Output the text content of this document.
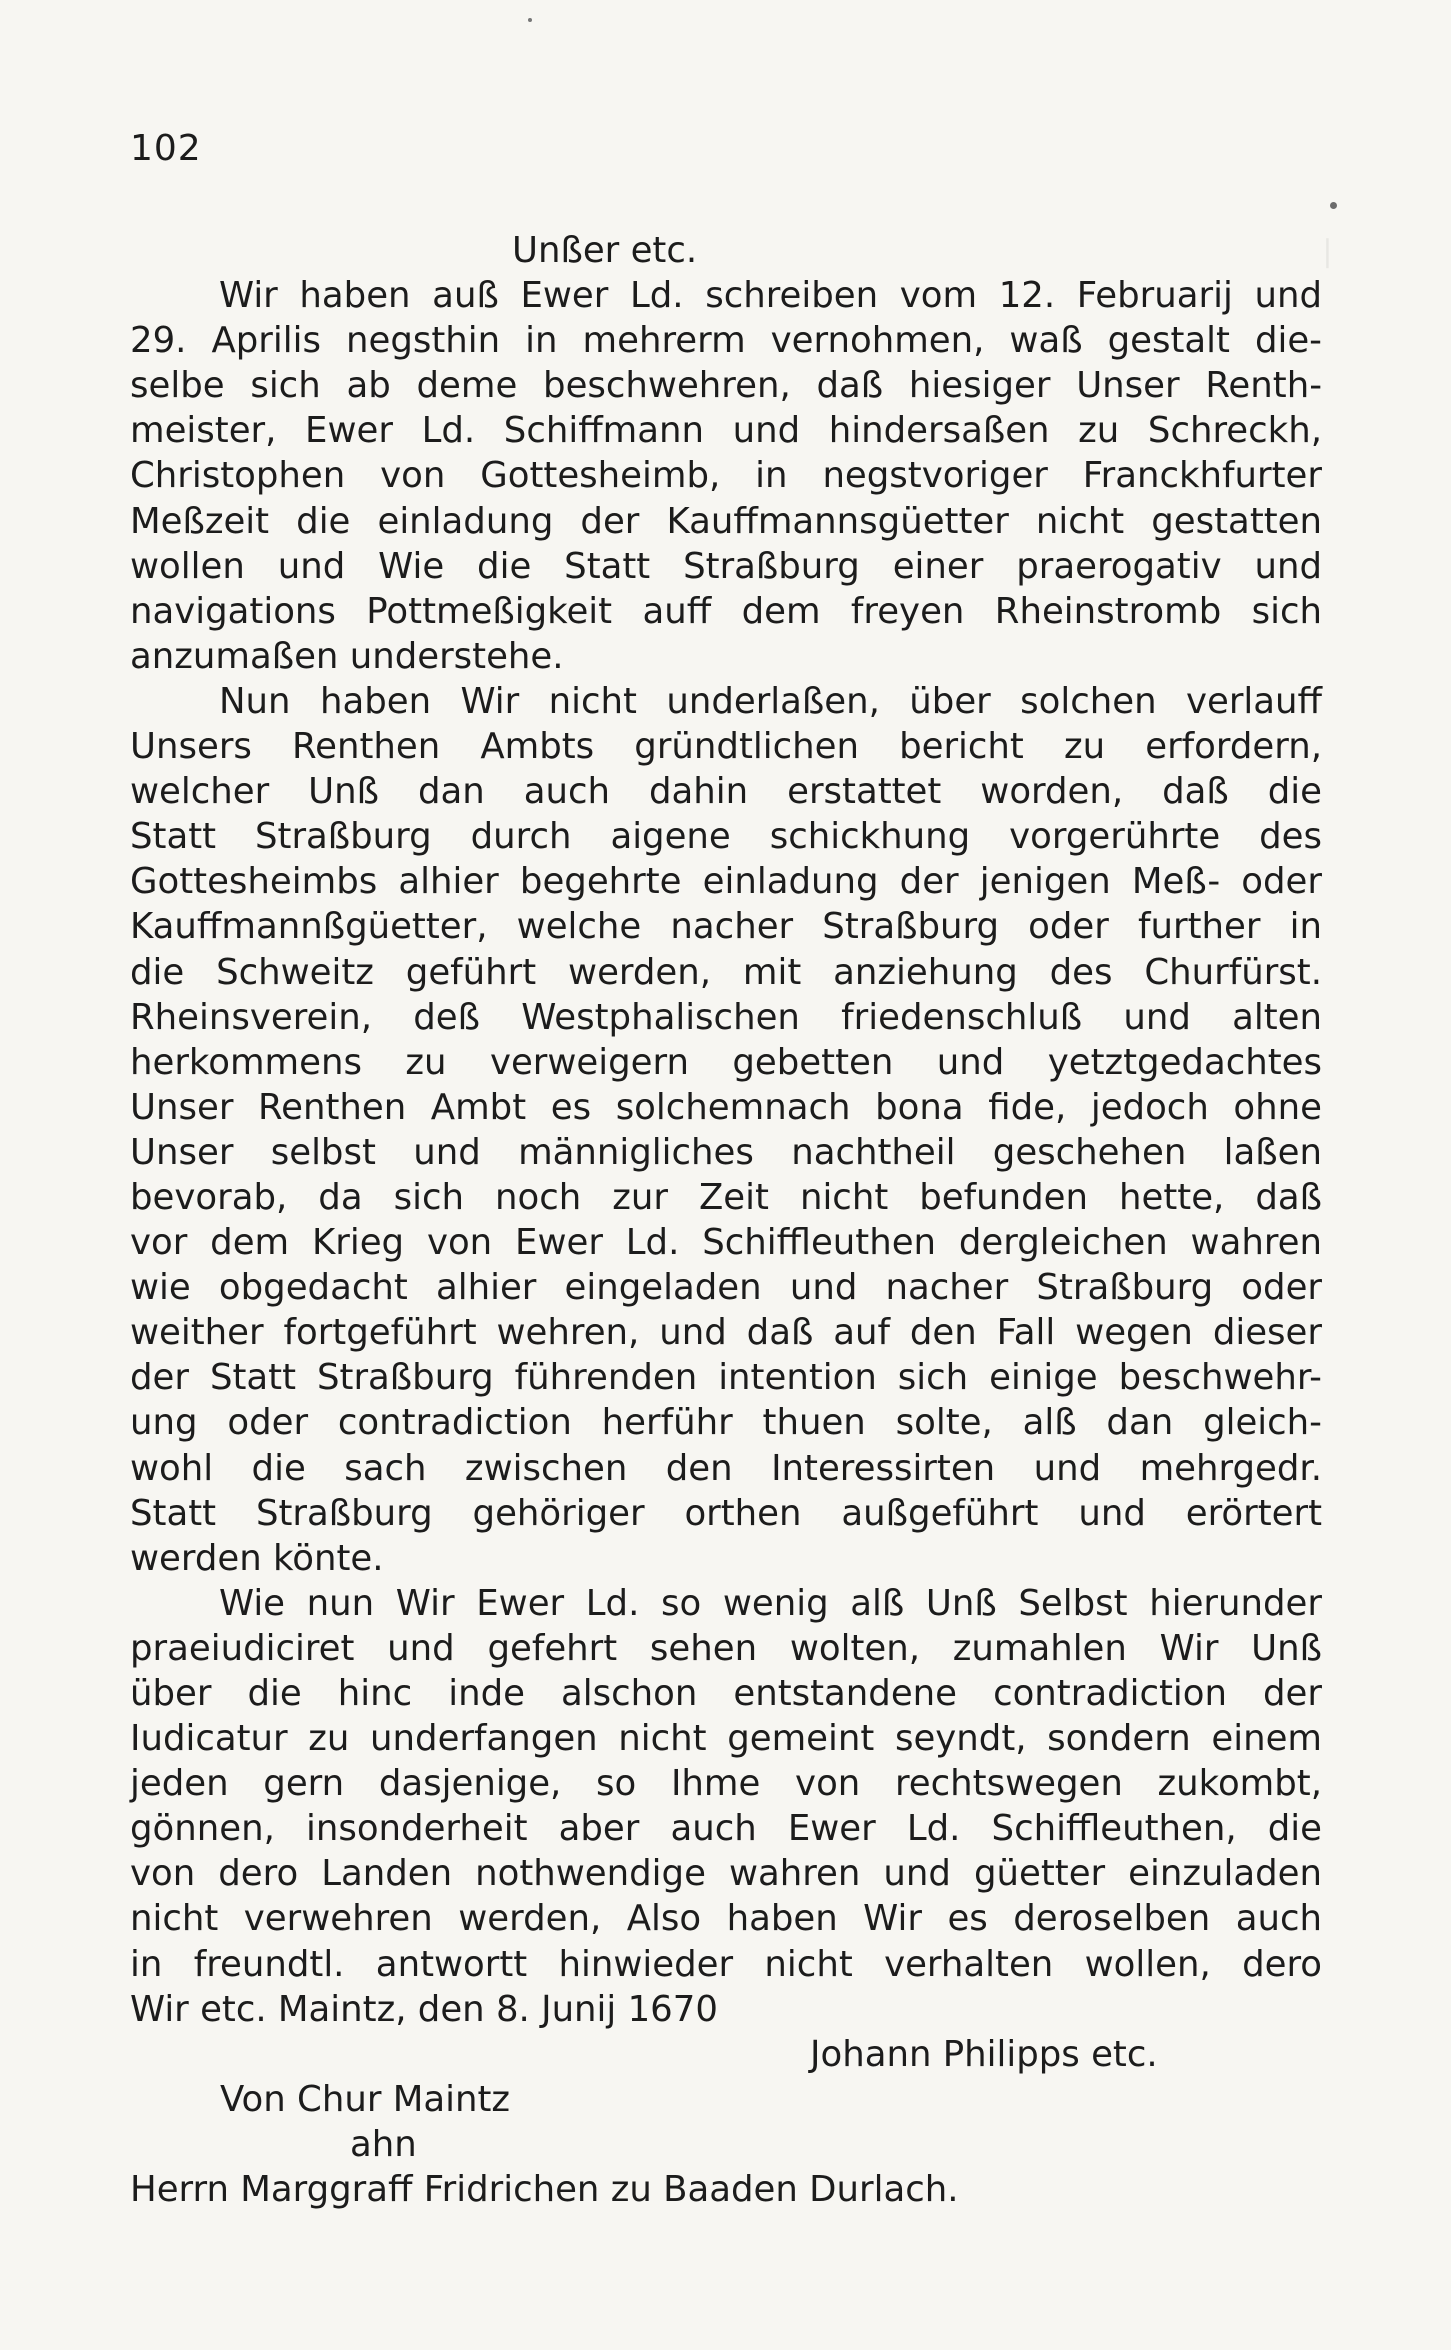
❘
102
Unßer etc.
Wir haben auß Ewer Ld. schreiben vom 12. Februarij und
29. Aprilis negsthin in mehrerm vernohmen, waß gestalt die-
selbe sich ab deme beschwehren, daß hiesiger Unser Renth-
meister, Ewer Ld. Schiffmann und hindersaßen zu Schreckh,
Christophen von Gottesheimb, in negstvoriger Franckhfurter
Meßzeit die einladung der Kauffmannsgüetter nicht gestatten
wollen und Wie die Statt Straßburg einer praerogativ und
navigations Pottmeßigkeit auff dem freyen Rheinstromb sich
anzumaßen understehe.
Nun haben Wir nicht underlaßen, über solchen verlauff
Unsers Renthen Ambts gründtlichen bericht zu erfordern,
welcher Unß dan auch dahin erstattet worden, daß die
Statt Straßburg durch aigene schickhung vorgerührte des
Gottesheimbs alhier begehrte einladung der jenigen Meß- oder
Kauffmannßgüetter, welche nacher Straßburg oder further in
die Schweitz geführt werden, mit anziehung des Churfürst.
Rheinsverein, deß Westphalischen friedenschluß und alten
herkommens zu verweigern gebetten und yetztgedachtes
Unser Renthen Ambt es solchemnach bona fide, jedoch ohne
Unser selbst und männigliches nachtheil geschehen laßen
bevorab, da sich noch zur Zeit nicht befunden hette, daß
vor dem Krieg von Ewer Ld. Schiffleuthen dergleichen wahren
wie obgedacht alhier eingeladen und nacher Straßburg oder
weither fortgeführt wehren, und daß auf den Fall wegen dieser
der Statt Straßburg führenden intention sich einige beschwehr-
ung oder contradiction herführ thuen solte, alß dan gleich-
wohl die sach zwischen den Interessirten und mehrgedr.
Statt Straßburg gehöriger orthen außgeführt und erörtert
werden könte.
Wie nun Wir Ewer Ld. so wenig alß Unß Selbst hierunder
praeiudiciret und gefehrt sehen wolten, zumahlen Wir Unß
über die hinc inde alschon entstandene contradiction der
Iudicatur zu underfangen nicht gemeint seyndt, sondern einem
jeden gern dasjenige, so Ihme von rechtswegen zukombt,
gönnen, insonderheit aber auch Ewer Ld. Schiffleuthen, die
von dero Landen nothwendige wahren und güetter einzuladen
nicht verwehren werden, Also haben Wir es deroselben auch
in freundtl. antwortt hinwieder nicht verhalten wollen, dero
Wir etc. Maintz, den 8. Junij 1670
Johann Philipps etc.
Von Chur Maintz
ahn
Herrn Marggraff Fridrichen zu Baaden Durlach.
